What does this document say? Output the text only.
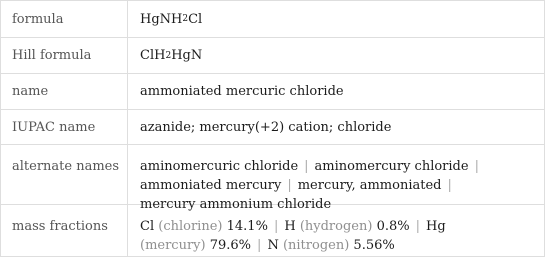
formula	HgNH 2 Cl
Hill formula	ClH 2 HgN
name	ammoniated mercuric chloride
IUPAC name	azanide; mercury(+2) cation; chloride
alternate names	aminomercuric chloride | aminomercury chloride |
ammoniated mercury | mercury, ammoniated |
mercury ammonium chloride
mass fractions	Cl (chlorine) 14.1% | H (hydrogen) 0.8% | Hg
(mercury) 79.6% | N (nitrogen) 5.56%
